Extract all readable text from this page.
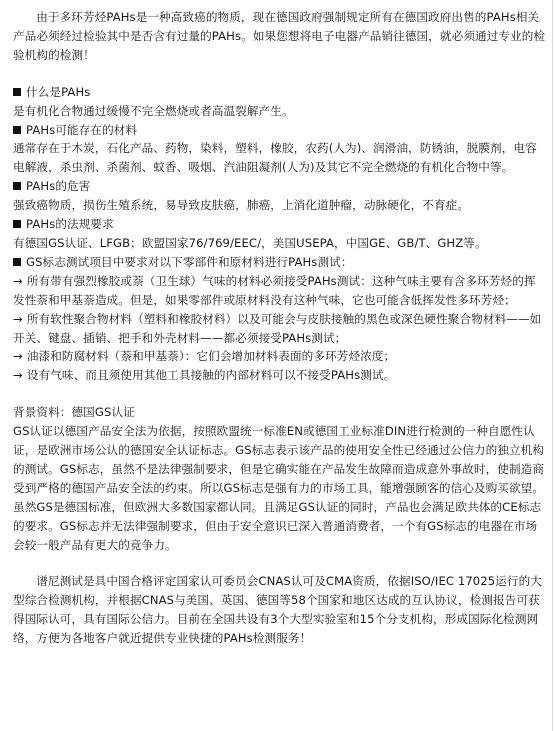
由于多环芳烃PAHs是一种高致癌的物质，现在德国政府强制规定所有在德国政府出售的PAHs相关产品必须经过检验其中是否含有过量的PAHs。如果您想将电子电器产品销往德国，就必须通过专业的检验机构的检测！

什么是PAHs

是有机化合物通过缓慢不完全燃烧或者高温裂解产生。

PAHs可能存在的材料

通常存在于木炭，石化产品、药物，染料，塑料，橡胶，农药(人为)、润滑油，防锈油，脱膜剂，电容电解液，杀虫剂、杀菌剂、蚊香、吸烟、汽油阻凝剂(人为)及其它不完全燃烧的有机化合物中等。

PAHs的危害

强致癌物质，损伤生殖系统，易导致皮肤癌，肺癌，上消化道肿瘤，动脉硬化，不育症。

PAHs的法规要求

有德国GS认证、LFGB；欧盟国家76/769/EEC/，美国USEPA，中国GE、GB/T、GHZ等。

GS标志测试项目中要求对以下零部件和原材料进行PAHs测试：

→ 所有带有强烈橡胶或萘（卫生球）气味的材料必须接受PAHs测试：这种气味主要有含多环芳烃的挥发性萘和甲基萘造成。但是，如果零部件或原材料没有这种气味，它也可能含低挥发性多环芳烃；

→ 所有软性聚合物材料（塑料和橡胶材料）以及可能会与皮肤接触的黑色或深色硬性聚合物材料——如开关、键盘、插销、把手和外壳材料——都必须接受PAHs测试；

→ 油漆和防腐材料（萘和甲基萘）：它们会增加材料表面的多环芳烃浓度；

→ 设有气味、而且须使用其他工具接触的内部材料可以不接受PAHs测试。

背景资料：德国GS认证

GS认证以德国产品安全法为依据，按照欧盟统一标准EN或德国工业标准DIN进行检测的一种自愿性认证，是欧洲市场公认的德国安全认证标志。GS标志表示该产品的使用安全性已经通过公信力的独立机构的测试。GS标志，虽然不是法律强制要求，但是它确实能在产品发生故障而造成意外事故时，使制造商受到严格的德国产品安全法的约束。所以GS标志是强有力的市场工具，能增强顾客的信心及购买欲望。

虽然GS是德国标准，但欧洲大多数国家都认同。且满足GS认证的同时，产品也会满足欧共体的CE标志的要求。GS标志并无法律强制要求，但由于安全意识已深入普通消费者，一个有GS标志的电器在市场会较一般产品有更大的竞争力。

谱尼测试是具中国合格评定国家认可委员会CNAS认可及CMA资质，依据ISO/IEC 17025运行的大型综合检测机构，并根据CNAS与美国、英国、德国等58个国家和地区达成的互认协议，检测报告可获得国际认可，具有国际公信力。目前在全国共设有3个大型实验室和15个分支机构，形成国际化检测网络，方便为各地客户就近提供专业快捷的PAHs检测服务！
